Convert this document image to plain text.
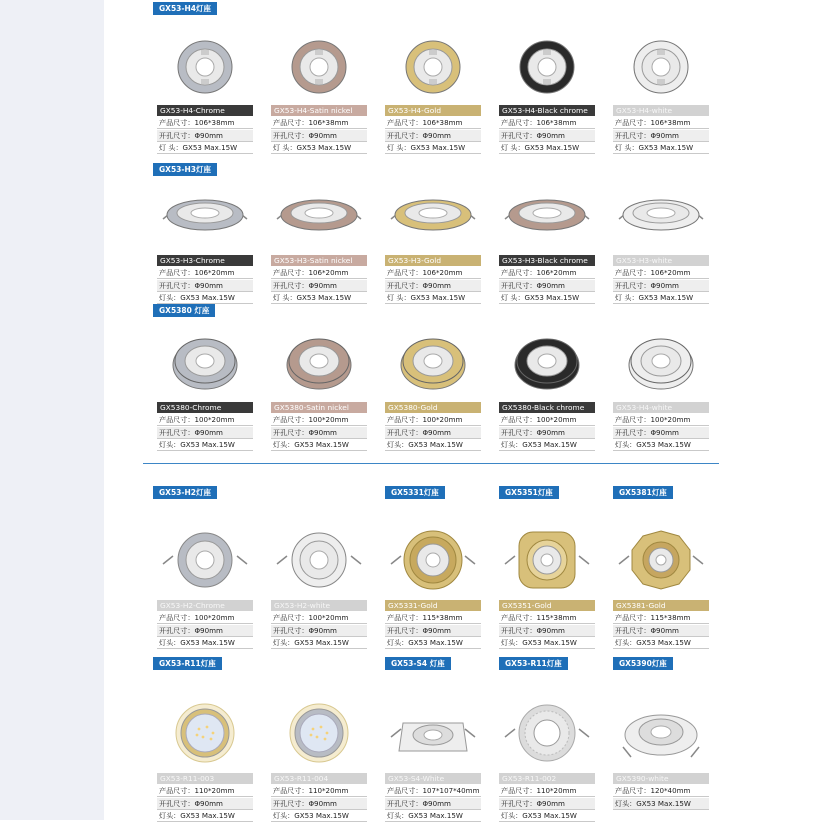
GX53-H4灯座
GX53-H3灯座
GX5380 灯座
GX53-H2灯座	GX5331灯座	GX5351灯座	GX5381灯座
GX53-R11灯座	GX53-S4 灯座	GX53-R11灯座	GX5390灯座
GX53-H4-Chrome
产品尺寸：106*38mm
开孔尺寸：Φ90mm
灯 头：GX53 Max.15W
GX53-H4-Satin nickel
产品尺寸：106*38mm
开孔尺寸：Φ90mm
灯 头：GX53 Max.15W
GX53-H4-Gold
产品尺寸：106*38mm
开孔尺寸：Φ90mm
灯 头：GX53 Max.15W
GX53-H4-Black chrome
产品尺寸：106*38mm
开孔尺寸：Φ90mm
灯 头：GX53 Max.15W
GX53-H4-white
产品尺寸：106*38mm
开孔尺寸：Φ90mm
灯 头：GX53 Max.15W
GX53-H3-Chrome
产品尺寸：106*20mm
开孔尺寸：Φ90mm
灯头：GX53 Max.15W
GX53-H3-Satin nickel
产品尺寸：106*20mm
开孔尺寸：Φ90mm
灯 头：GX53 Max.15W
GX53-H3-Gold
产品尺寸：106*20mm
开孔尺寸：Φ90mm
灯 头：GX53 Max.15W
GX53-H3-Black chrome
产品尺寸：106*20mm
开孔尺寸：Φ90mm
灯 头：GX53 Max.15W
GX53-H3-white
产品尺寸：106*20mm
开孔尺寸：Φ90mm
灯 头：GX53 Max.15W
GX5380-Chrome
产品尺寸：100*20mm
开孔尺寸：Φ90mm
灯头：GX53 Max.15W
GX5380-Satin nickel
产品尺寸：100*20mm
开孔尺寸：Φ90mm
灯头：GX53 Max.15W
GX5380-Gold
产品尺寸：100*20mm
开孔尺寸：Φ90mm
灯头：GX53 Max.15W
GX5380-Black chrome
产品尺寸：100*20mm
开孔尺寸：Φ90mm
灯头：GX53 Max.15W
GX53-H4-white
产品尺寸：100*20mm
开孔尺寸：Φ90mm
灯头：GX53 Max.15W
GX53-H2-Chrome
产品尺寸：100*20mm
开孔尺寸：Φ90mm
灯头：GX53 Max.15W
GX53-H2-white
产品尺寸：100*20mm
开孔尺寸：Φ90mm
灯头：GX53 Max.15W
GX5331-Gold
产品尺寸：115*38mm
开孔尺寸：Φ90mm
灯头：GX53 Max.15W
GX5351-Gold
产品尺寸：115*38mm
开孔尺寸：Φ90mm
灯头：GX53 Max.15W
GX5381-Gold
产品尺寸：115*38mm
开孔尺寸：Φ90mm
灯头：GX53 Max.15W
GX53-R11-003
产品尺寸：110*20mm
开孔尺寸：Φ90mm
灯头：GX53 Max.15W
GX53-R11-004
产品尺寸：110*20mm
开孔尺寸：Φ90mm
灯头：GX53 Max.15W
GX53-S4-White
产品尺寸：107*107*40mm
开孔尺寸：Φ90mm
灯头：GX53 Max.15W
GX53-R11-002
产品尺寸：110*20mm
开孔尺寸：Φ90mm
灯头：GX53 Max.15W
GX5390-white
产品尺寸：120*40mm
灯头：GX53 Max.15W
